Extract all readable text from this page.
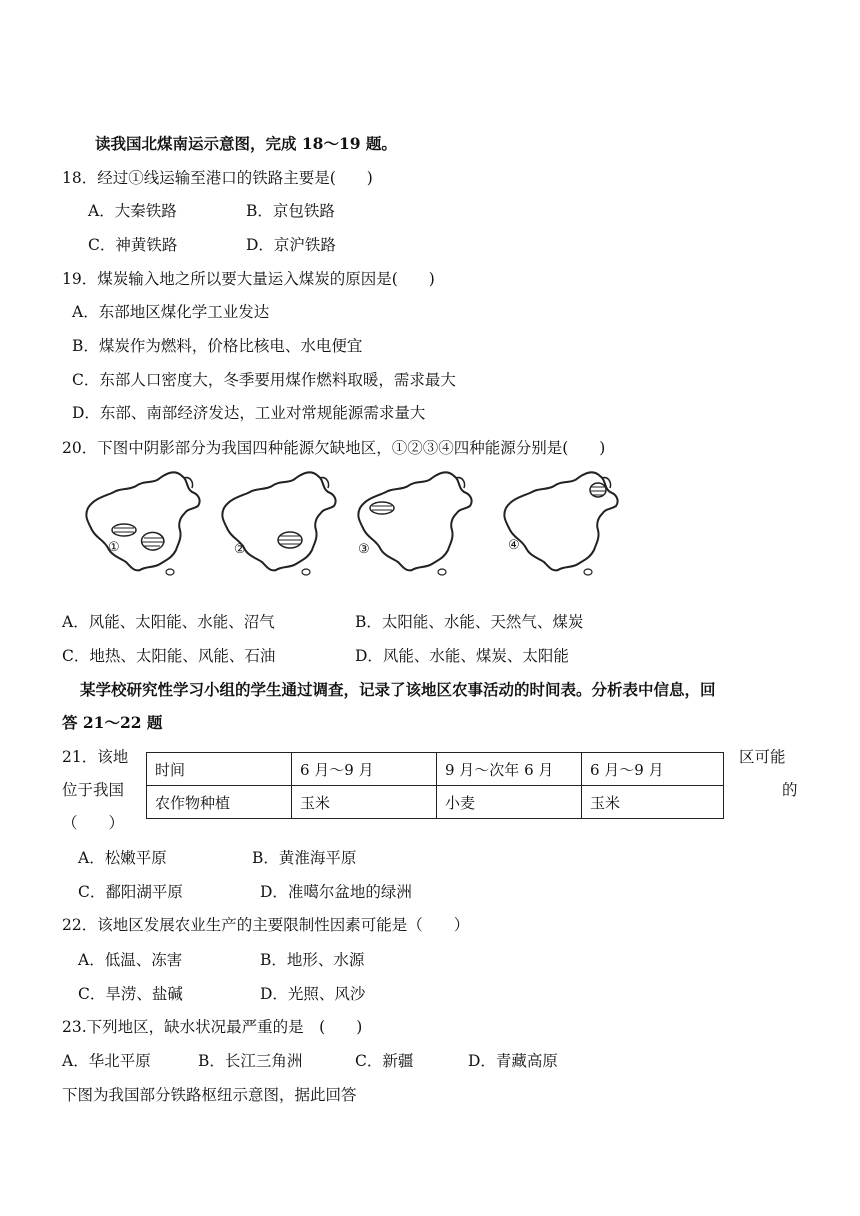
读我国北煤南运示意图，完成 18～19 题。
18．经过①线运输至港口的铁路主要是(　　)
A．大秦铁路	B．京包铁路
C．神黄铁路	D．京沪铁路
19．煤炭输入地之所以要大量运入煤炭的原因是(　　)
A．东部地区煤化学工业发达
B．煤炭作为燃料，价格比核电、水电便宜
C．东部人口密度大，冬季要用煤作燃料取暖，需求最大
D．东部、南部经济发达，工业对常规能源需求量大
20．下图中阴影部分为我国四种能源欠缺地区，①②③④四种能源分别是(　　)
①	②	③	④
A．风能、太阳能、水能、沼气	B．太阳能、水能、天然气、煤炭
C．地热、太阳能、风能、石油	D．风能、水能、煤炭、太阳能
某学校研究性学习小组的学生通过调查，记录了该地区农事活动的时间表。分析表中信息，回
答 21～22 题
21．该地	区可能
位于我国	的
（　　）
时间	6 月～9 月	9 月～次年 6 月	6 月～9 月
农作物种植	玉米	小麦	玉米
A．松嫩平原	B．黄淮海平原
C．鄱阳湖平原	D．准噶尔盆地的绿洲
22．该地区发展农业生产的主要限制性因素可能是（　　）
A．低温、冻害	B．地形、水源
C．旱涝、盐碱	D．光照、风沙
23.下列地区，缺水状况最严重的是　(　　)
A．华北平原	B．长江三角洲	C．新疆	D．青藏高原
下图为我国部分铁路枢纽示意图，据此回答
